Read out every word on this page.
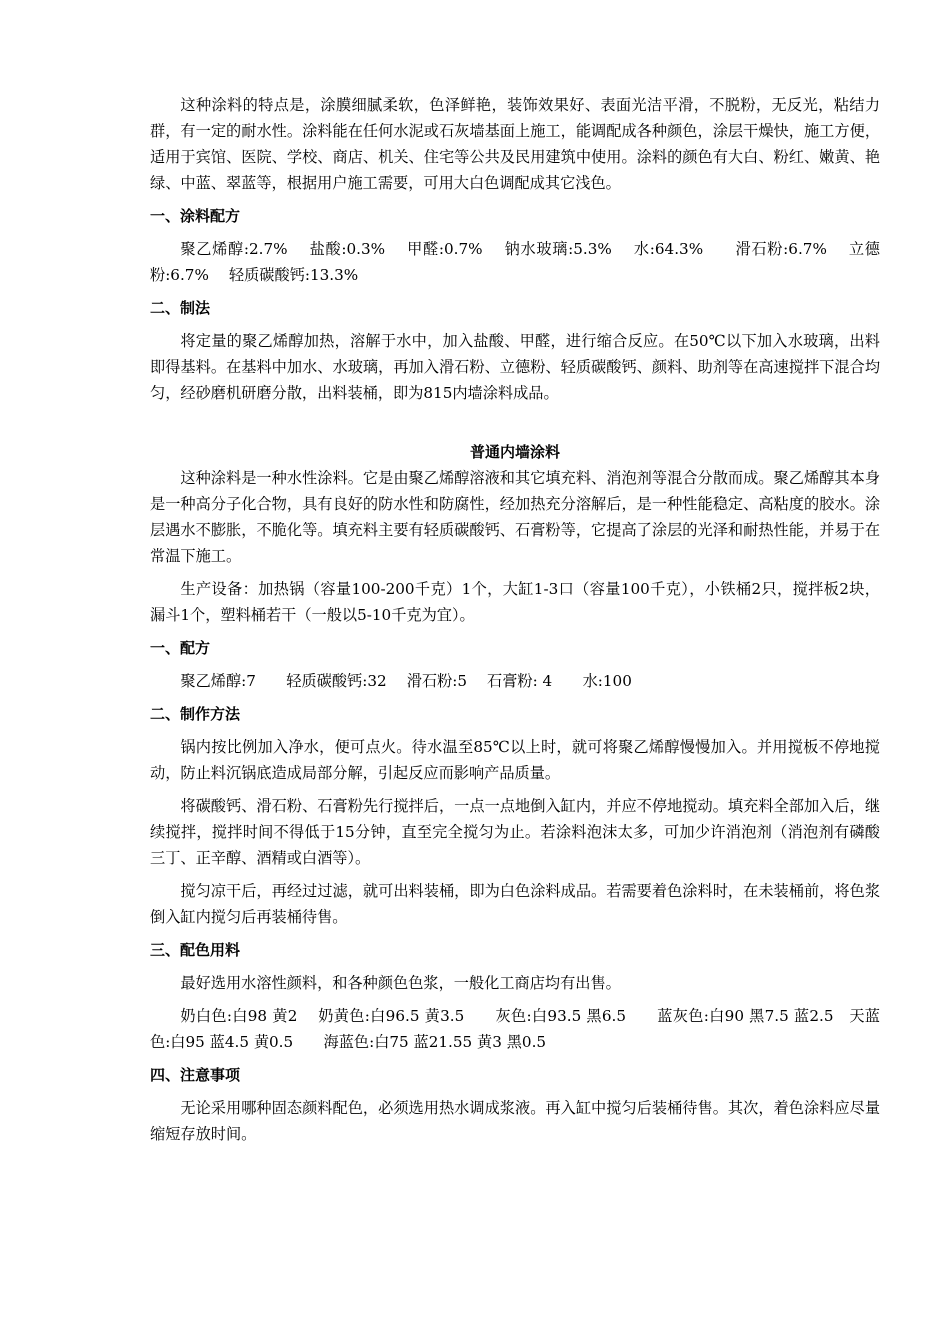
这种涂料的特点是，涂膜细腻柔软，色泽鲜艳，装饰效果好、表面光洁平滑，不脱粉，无反光，粘结力群，有一定的耐水性。涂料能在任何水泥或石灰墙基面上施工，能调配成各种颜色，涂层干燥快，施工方便，适用于宾馆、医院、学校、商店、机关、住宅等公共及民用建筑中使用。涂料的颜色有大白、粉红、嫩黄、艳绿、中蓝、翠蓝等，根据用户施工需要，可用大白色调配成其它浅色。

一、涂料配方

聚乙烯醇:2.7%　 盐酸:0.3%　 甲醛:0.7%　 钠水玻璃:5.3%　 水:64.3%　　滑石粉:6.7%　 立德粉:6.7%　 轻质碳酸钙:13.3%

二、制法

将定量的聚乙烯醇加热，溶解于水中，加入盐酸、甲醛，进行缩合反应。在50℃以下加入水玻璃，出料即得基料。在基料中加水、水玻璃，再加入滑石粉、立德粉、轻质碳酸钙、颜料、助剂等在高速搅拌下混合均匀，经砂磨机研磨分散，出料装桶，即为815内墙涂料成品。

普通内墙涂料

这种涂料是一种水性涂料。它是由聚乙烯醇溶液和其它填充料、消泡剂等混合分散而成。聚乙烯醇其本身是一种高分子化合物，具有良好的防水性和防腐性，经加热充分溶解后，是一种性能稳定、高粘度的胶水。涂层遇水不膨胀，不脆化等。填充料主要有轻质碳酸钙、石膏粉等，它提高了涂层的光泽和耐热性能，并易于在常温下施工。

生产设备：加热锅（容量100-200千克）1个，大缸1-3口（容量100千克），小铁桶2只，搅拌板2块，漏斗1个，塑料桶若干（一般以5-10千克为宜）。

一、配方

聚乙烯醇:7　　轻质碳酸钙:32　 滑石粉:5　 石膏粉: 4　　水:100

二、制作方法

锅内按比例加入净水，便可点火。待水温至85℃以上时，就可将聚乙烯醇慢慢加入。并用搅板不停地搅动，防止料沉锅底造成局部分解，引起反应而影响产品质量。

将碳酸钙、滑石粉、石膏粉先行搅拌后，一点一点地倒入缸内，并应不停地搅动。填充料全部加入后，继续搅拌，搅拌时间不得低于15分钟，直至完全搅匀为止。若涂料泡沫太多，可加少许消泡剂（消泡剂有磷酸三丁、正辛醇、酒精或白酒等）。

搅匀凉干后，再经过过滤，就可出料装桶，即为白色涂料成品。若需要着色涂料时，在未装桶前，将色浆倒入缸内搅匀后再装桶待售。

三、配色用料

最好选用水溶性颜料，和各种颜色色浆，一般化工商店均有出售。

奶白色:白98 黄2　 奶黄色:白96.5 黄3.5　　灰色:白93.5 黑6.5　　蓝灰色:白90 黑7.5 蓝2.5　天蓝色:白95 蓝4.5 黄0.5　　海蓝色:白75 蓝21.55 黄3 黑0.5

四、注意事项

无论采用哪种固态颜料配色，必须选用热水调成浆液。再入缸中搅匀后装桶待售。其次，着色涂料应尽量缩短存放时间。
